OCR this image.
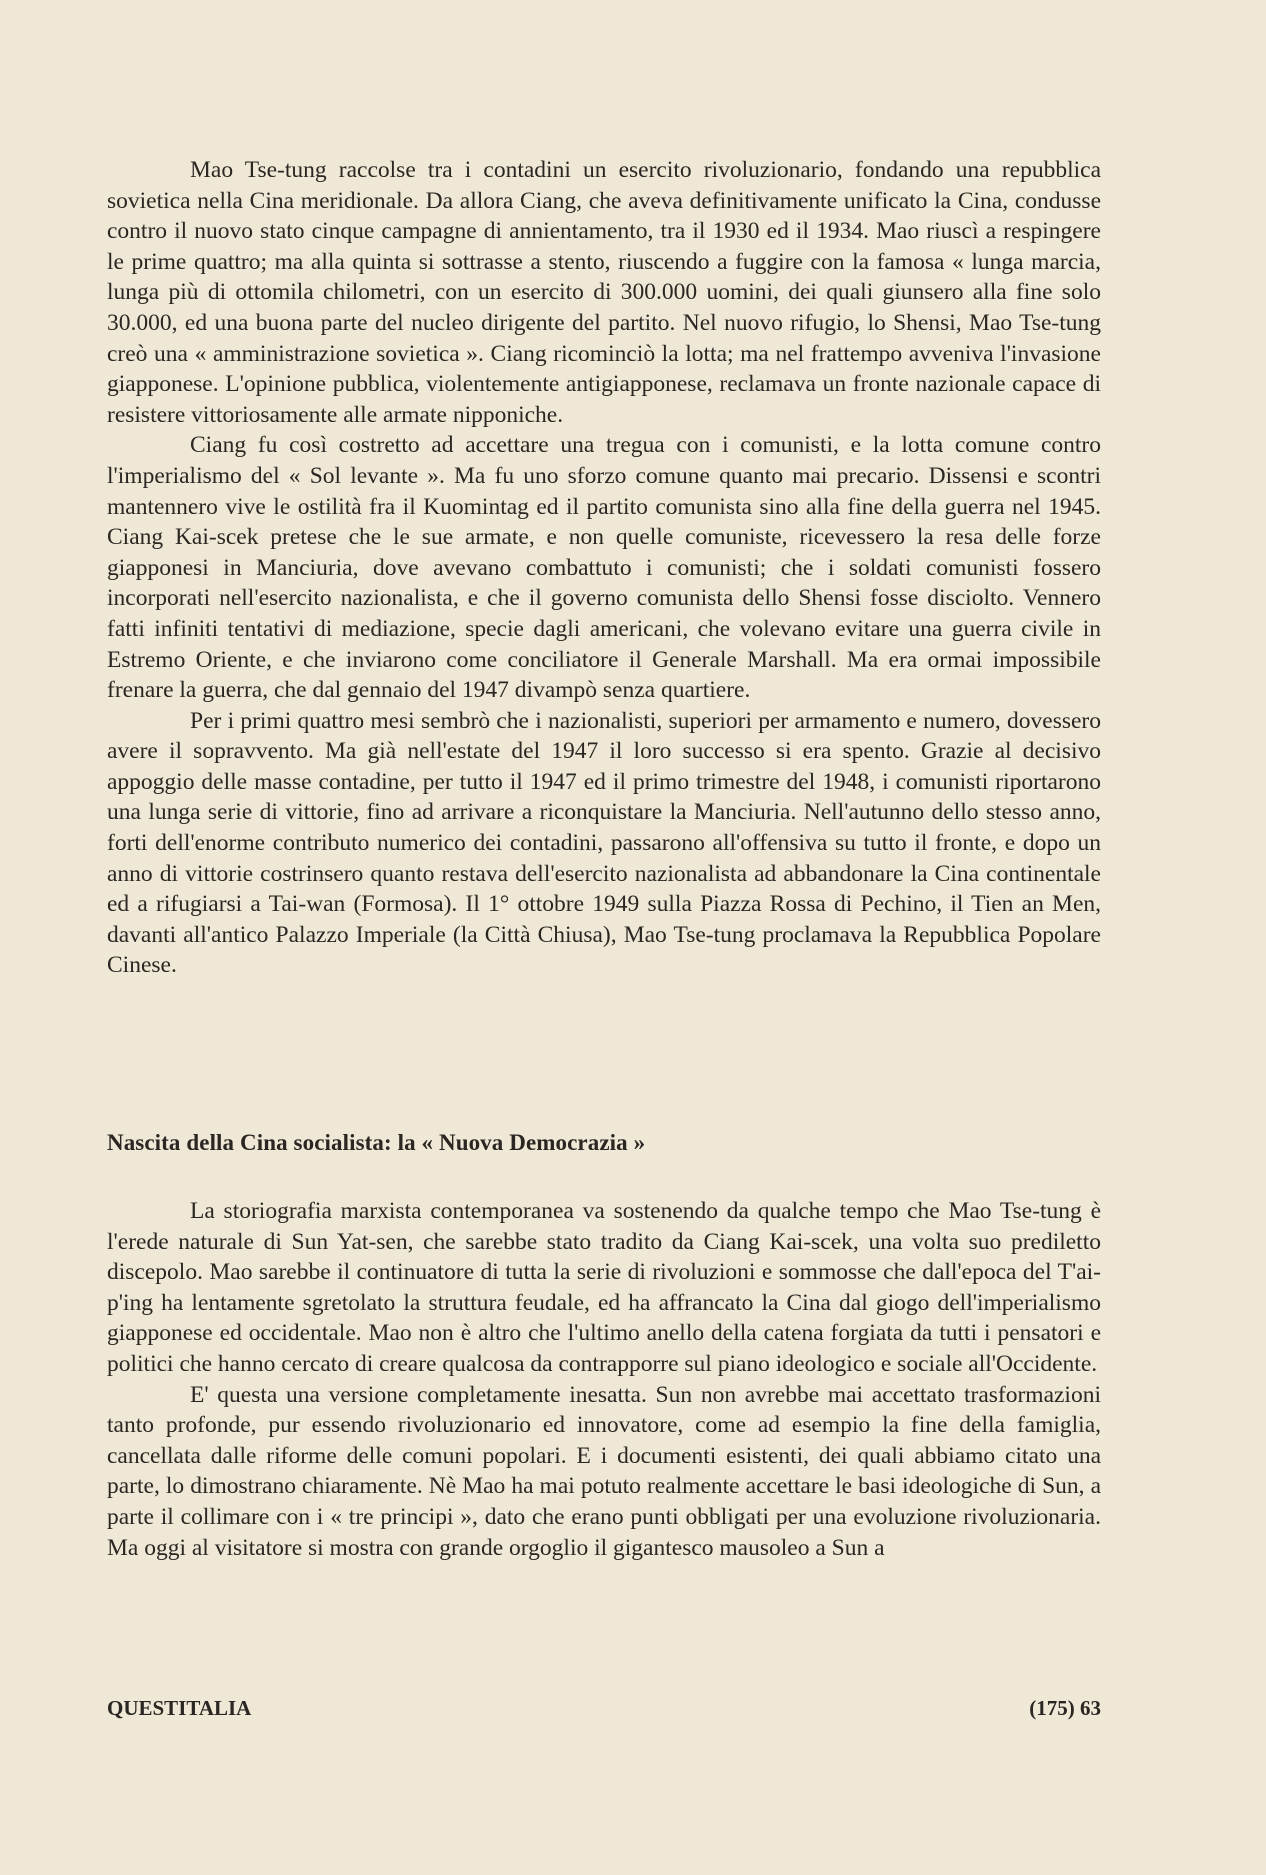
Mao Tse-tung raccolse tra i contadini un esercito rivoluzionario, fondando una repubblica sovietica nella Cina meridionale. Da allora Ciang, che aveva definitivamente unificato la Cina, condusse contro il nuovo stato cinque campagne di annientamento, tra il 1930 ed il 1934. Mao riuscì a respingere le prime quattro; ma alla quinta si sottrasse a stento, riuscendo a fuggire con la famosa « lunga marcia, lunga più di ottomila chilometri, con un esercito di 300.000 uomini, dei quali giunsero alla fine solo 30.000, ed una buona parte del nucleo dirigente del partito. Nel nuovo rifugio, lo Shensi, Mao Tse-tung creò una « amministrazione sovietica ». Ciang ricominciò la lotta; ma nel frattempo avveniva l'invasione giapponese. L'opinione pubblica, violentemente antigiapponese, reclamava un fronte nazionale capace di resistere vittoriosamente alle armate nipponiche.

Ciang fu così costretto ad accettare una tregua con i comunisti, e la lotta comune contro l'imperialismo del « Sol levante ». Ma fu uno sforzo comune quanto mai precario. Dissensi e scontri mantennero vive le ostilità fra il Kuomintag ed il partito comunista sino alla fine della guerra nel 1945. Ciang Kai-scek pretese che le sue armate, e non quelle comuniste, ricevessero la resa delle forze giapponesi in Manciuria, dove avevano combattuto i comunisti; che i soldati comunisti fossero incorporati nell'esercito nazionalista, e che il governo comunista dello Shensi fosse disciolto. Vennero fatti infiniti tentativi di mediazione, specie dagli americani, che volevano evitare una guerra civile in Estremo Oriente, e che inviarono come conciliatore il Generale Marshall. Ma era ormai impossibile frenare la guerra, che dal gennaio del 1947 divampò senza quartiere.

Per i primi quattro mesi sembrò che i nazionalisti, superiori per armamento e numero, dovessero avere il sopravvento. Ma già nell'estate del 1947 il loro successo si era spento. Grazie al decisivo appoggio delle masse contadine, per tutto il 1947 ed il primo trimestre del 1948, i comunisti riportarono una lunga serie di vittorie, fino ad arrivare a riconquistare la Manciuria. Nell'autunno dello stesso anno, forti dell'enorme contributo numerico dei contadini, passarono all'offensiva su tutto il fronte, e dopo un anno di vittorie costrinsero quanto restava dell'esercito nazionalista ad abbandonare la Cina continentale ed a rifugiarsi a Tai-wan (Formosa). Il 1° ottobre 1949 sulla Piazza Rossa di Pechino, il Tien an Men, davanti all'antico Palazzo Imperiale (la Città Chiusa), Mao Tse-tung proclamava la Repubblica Popolare Cinese.

Nascita della Cina socialista: la « Nuova Democrazia »

La storiografia marxista contemporanea va sostenendo da qualche tempo che Mao Tse-tung è l'erede naturale di Sun Yat-sen, che sarebbe stato tradito da Ciang Kai-scek, una volta suo prediletto discepolo. Mao sarebbe il continuatore di tutta la serie di rivoluzioni e sommosse che dall'epoca del T'ai-p'ing ha lentamente sgretolato la struttura feudale, ed ha affrancato la Cina dal giogo dell'imperialismo giapponese ed occidentale. Mao non è altro che l'ultimo anello della catena forgiata da tutti i pensatori e politici che hanno cercato di creare qualcosa da contrapporre sul piano ideologico e sociale all'Occidente.

E' questa una versione completamente inesatta. Sun non avrebbe mai accettato trasformazioni tanto profonde, pur essendo rivoluzionario ed innovatore, come ad esempio la fine della famiglia, cancellata dalle riforme delle comuni popolari. E i documenti esistenti, dei quali abbiamo citato una parte, lo dimostrano chiaramente. Nè Mao ha mai potuto realmente accettare le basi ideologiche di Sun, a parte il collimare con i « tre principi », dato che erano punti obbligati per una evoluzione rivoluzionaria. Ma oggi al visitatore si mostra con grande orgoglio il gigantesco mausoleo a Sun a

QUESTITALIA	(175) 63
